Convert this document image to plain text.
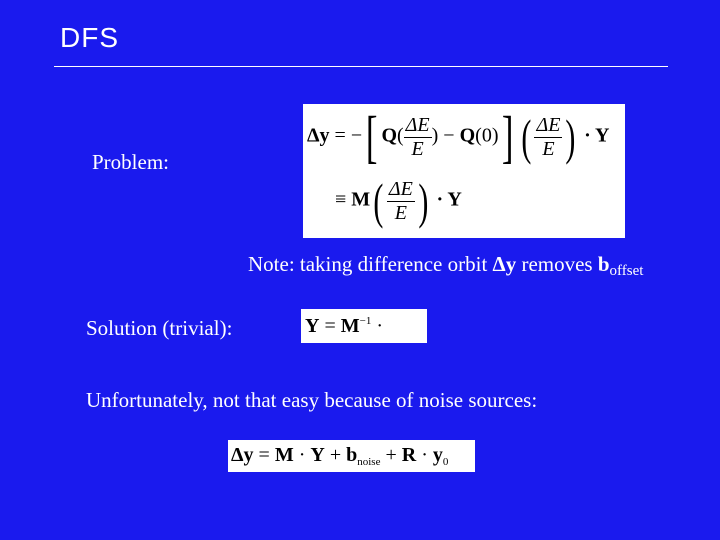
DFS
Problem:
Δy = −[ $Q( \frac{\Delta E}{E}$ ) − Q(0)] ( $\frac{\Delta E}{E}$ ) · Y
≡ $M( \frac{\Delta E}{E}$ ) · Y
Note: taking difference orbit Δy removes boffset
Solution (trivial):	$Y = M^{-1}$ ·
Unfortunately, not that easy because of noise sources:
$\Delta y = M \cdot Y + b_{noise} + R \cdot y_0$
